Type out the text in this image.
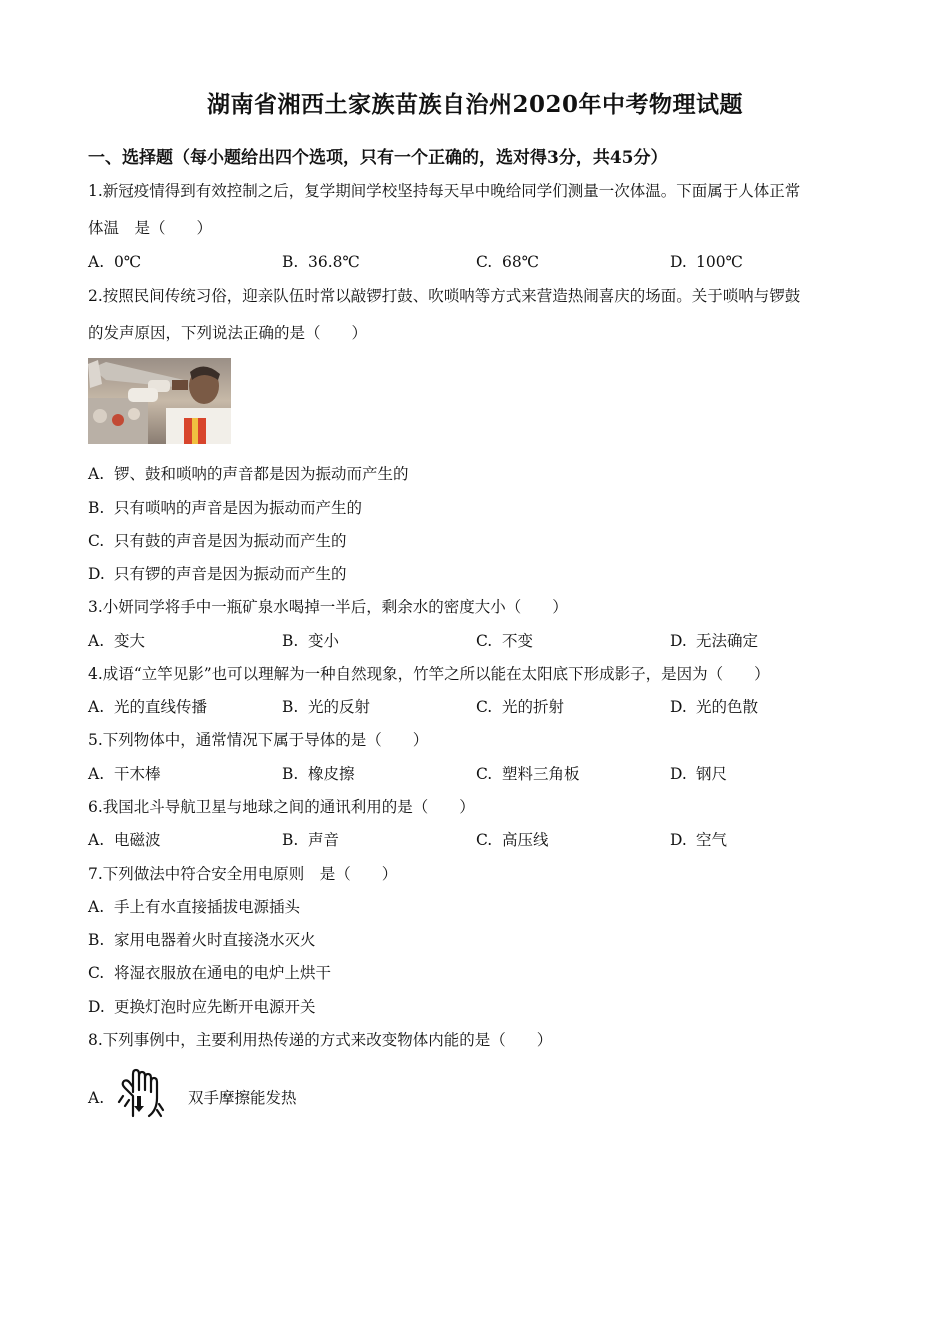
湖南省湘西土家族苗族自治州2020年中考物理试题
一、选择题（每小题给出四个选项，只有一个正确的，选对得3分，共45分）
1.新冠疫情得到有效控制之后，复学期间学校坚持每天早中晚给同学们测量一次体温。下面属于人体正常
体温　是（　　）
A. 0℃	B. 36.8℃	C. 68℃	D. 100℃
2.按照民间传统习俗，迎亲队伍时常以敲锣打鼓、吹唢呐等方式来营造热闹喜庆的场面。关于唢呐与锣鼓
的发声原因，下列说法正确的是（　　）
A. 锣、鼓和唢呐的声音都是因为振动而产生的
B. 只有唢呐的声音是因为振动而产生的
C. 只有鼓的声音是因为振动而产生的
D. 只有锣的声音是因为振动而产生的
3.小妍同学将手中一瓶矿泉水喝掉一半后，剩余水的密度大小（　　）
A. 变大	B. 变小	C. 不变	D. 无法确定
4.成语“立竿见影”也可以理解为一种自然现象，竹竿之所以能在太阳底下形成影子，是因为（　　）
A. 光的直线传播	B. 光的反射	C. 光的折射	D. 光的色散
5.下列物体中，通常情况下属于导体的是（　　）
A. 干木棒	B. 橡皮擦	C. 塑料三角板	D. 钢尺
6.我国北斗导航卫星与地球之间的通讯利用的是（　　）
A. 电磁波	B. 声音	C. 高压线	D. 空气
7.下列做法中符合安全用电原则　是（　　）
A. 手上有水直接插拔电源插头
B. 家用电器着火时直接浇水灭火
C. 将湿衣服放在通电的电炉上烘干
D. 更换灯泡时应先断开电源开关
8.下列事例中，主要利用热传递的方式来改变物体内能的是（　　）
A.	双手摩擦能发热
